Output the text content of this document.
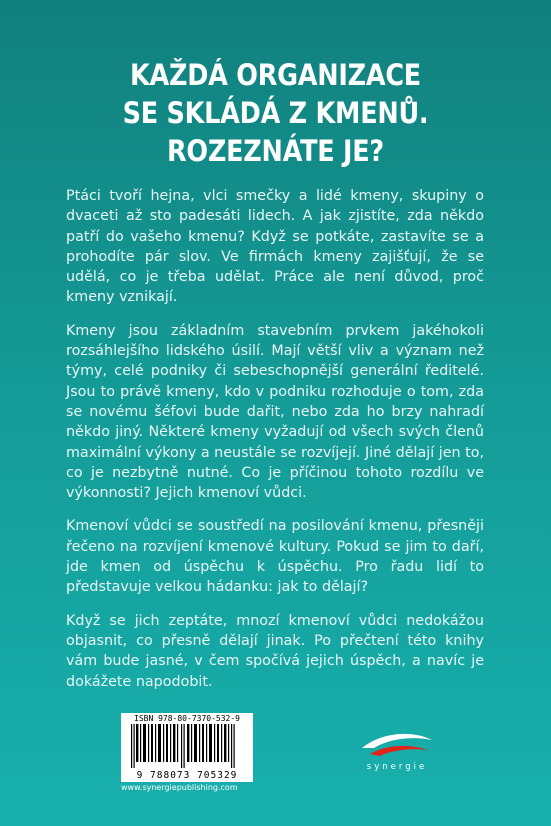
KAŽDÁ ORGANIZACE
SE SKLÁDÁ Z KMENŮ.
ROZEZNÁTE JE?

Ptáci tvoří hejna, vlci smečky a lidé kmeny, skupiny o dvaceti až sto padesáti lidech. A jak zjistíte, zda někdo patří do vašeho kmenu? Když se potkáte, zastavíte se a prohodíte pár slov. Ve firmách kmeny zajišťují, že se udělá, co je třeba udělat. Práce ale není důvod, proč kmeny vznikají.

Kmeny jsou základním stavebním prvkem jakéhokoli rozsáhlejšího lidského úsilí. Mají větší vliv a význam než týmy, celé podniky či sebeschopnější generální ředitelé. Jsou to právě kmeny, kdo v podniku rozhoduje o tom, zda se novému šéfovi bude dařit, nebo zda ho brzy nahradí někdo jiný. Některé kmeny vyžadují od všech svých členů maximální výkony a neustále se rozvíjejí. Jiné dělají jen to, co je nezbytně nutné. Co je příčinou tohoto rozdílu ve výkonnosti? Jejich kmenoví vůdci.

Kmenoví vůdci se soustředí na posilování kmenu, přesněji řečeno na rozvíjení kmenové kultury. Pokud se jim to daří, jde kmen od úspěchu k úspěchu. Pro řadu lidí to představuje velkou hádanku: jak to dělají?

Když se jich zeptáte, mnozí kmenoví vůdci nedokážou objasnit, co přesně dělají jinak. Po přečtení této knihy vám bude jasné, v čem spočívá jejich úspěch, a navíc je dokážete napodobit.

ISBN 978-80-7370-532-9
9 788073 705329
www.synergiepublishing.com
synergie
